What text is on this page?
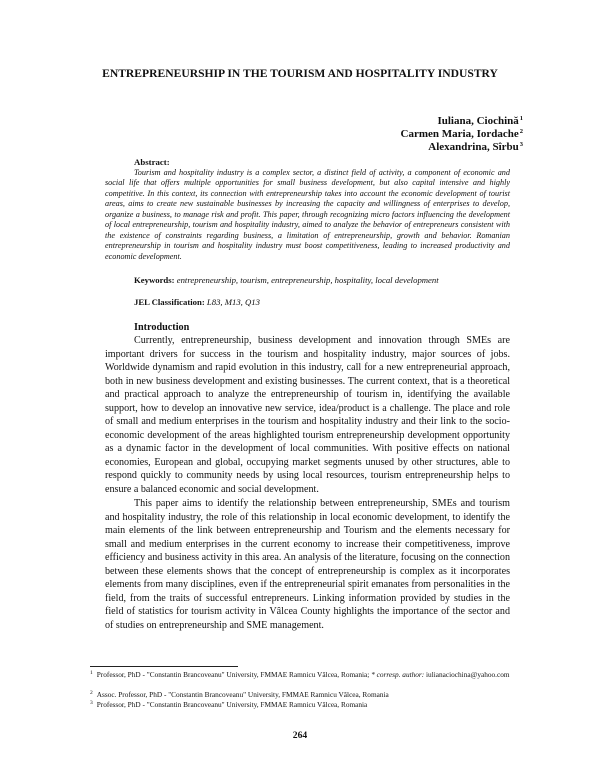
ENTREPRENEURSHIP IN THE TOURISM AND HOSPITALITY INDUSTRY
Iuliana, Ciochină$^1$
Carmen Maria, Iordache$^2$
Alexandrina, Sîrbu$^3$
Abstract:

Tourism and hospitality industry is a complex sector, a distinct field of activity, a component of economic and social life that offers multiple opportunities for small business development, but also capital intensive and highly competitive. In this context, its connection with entrepreneurship takes into account the economic development of tourist areas, aims to create new sustainable businesses by increasing the capacity and willingness of enterprises to develop, organize a business, to manage risk and profit. This paper, through recognizing micro factors influencing the development of local entrepreneurship, tourism and hospitality industry, aimed to analyze the behavior of entrepreneurs consistent with the existence of constraints regarding business, a limitation of entrepreneurship, growth and behavior. Romanian entrepreneurship in tourism and hospitality industry must boost competitiveness, leading to increased productivity and economic development.

Keywords: entrepreneurship, tourism, entrepreneurship, hospitality, local development
JEL Classification: L83, M13, Q13
Introduction

Currently, entrepreneurship, business development and innovation through SMEs are important drivers for success in the tourism and hospitality industry, major sources of jobs. Worldwide dynamism and rapid evolution in this industry, call for a new entrepreneurial approach, both in new business development and existing businesses. The current context, that is a theoretical and practical approach to analyze the entrepreneurship of tourism in, identifying the available support, how to develop an innovative new service, idea/product is a challenge. The place and role of small and medium enterprises in the tourism and hospitality industry and their link to the socio-economic development of the areas highlighted tourism entrepreneurship development opportunity as a dynamic factor in the development of local communities. With positive effects on national economies, European and global, occupying market segments unused by other structures, able to respond quickly to community needs by using local resources, tourism entrepreneurship helps to ensure a balanced economic and social development.

This paper aims to identify the relationship between entrepreneurship, SMEs and tourism and hospitality industry, the role of this relationship in local economic development, to identify the main elements of the link between entrepreneurship and Tourism and the elements necessary for small and medium enterprises in the current economy to increase their competitiveness, improve efficiency and business activity in this area. An analysis of the literature, focusing on the connection between these elements shows that the concept of entrepreneurship is complex as it incorporates elements from many disciplines, even if the entrepreneurial spirit emanates from personalities in the field, from the traits of successful entrepreneurs. Linking information provided by studies in the field of statistics for tourism activity in Vâlcea County highlights the importance of the sector and of studies on entrepreneurship and SME management.

$^1$ Professor, PhD - "Constantin Brancoveanu" University, FMMAE Ramnicu Vâlcea, Romania; * corresp. author: iulianaciochina@yahoo.com

$^2$ Assoc. Professor, PhD - "Constantin Brancoveanu" University, FMMAE Ramnicu Vâlcea, Romania

$^3$ Professor, PhD - "Constantin Brancoveanu" University, FMMAE Ramnicu Vâlcea, Romania

264
